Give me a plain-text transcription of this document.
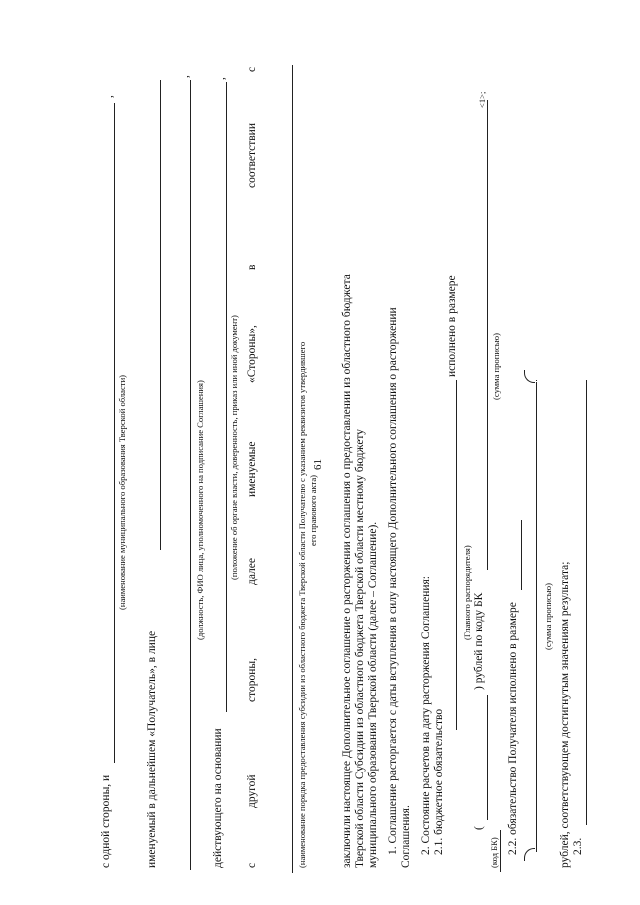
61
с одной стороны, и
,
(наименование муниципального образования Тверской области)
именуемый в дальнейшем «Получатель», в лице
,
(должность, ФИО лица, уполномоченного на подписание Соглашения)
действующего на основании
,
(положение об органе власти, доверенность, приказ или иной документ)
с
другой
стороны,
далее
именуемые
«Стороны»,
в
соответствии
с
(наименование порядка предоставления субсидии из областного бюджета Тверской области Получателю с указанием реквизитов утвердившего его правового акта) заключили настоящее Дополнительное соглашение о расторжении соглашения о предоставлении из областного бюджета Тверской области Субсидии из областного бюджета Тверской области местному бюджету муниципального образования Тверской области (далее – Соглашение). 1. Соглашение расторгается с даты вступления в силу настоящего Дополнительного соглашения о расторжении Соглашения. 2. Состояние расчетов на дату расторжения Соглашения: 2.1. бюджетное обязательство
исполнено в размере
(Главного распорядителя)
(
) рублей по коду БК
(сумма прописью)
<1>;
(код БК) 2.2. обязательство Получателя исполнено в размере	(сумма прописью) рублей, соответствующем достигнутым значениям результата; 2.3.
